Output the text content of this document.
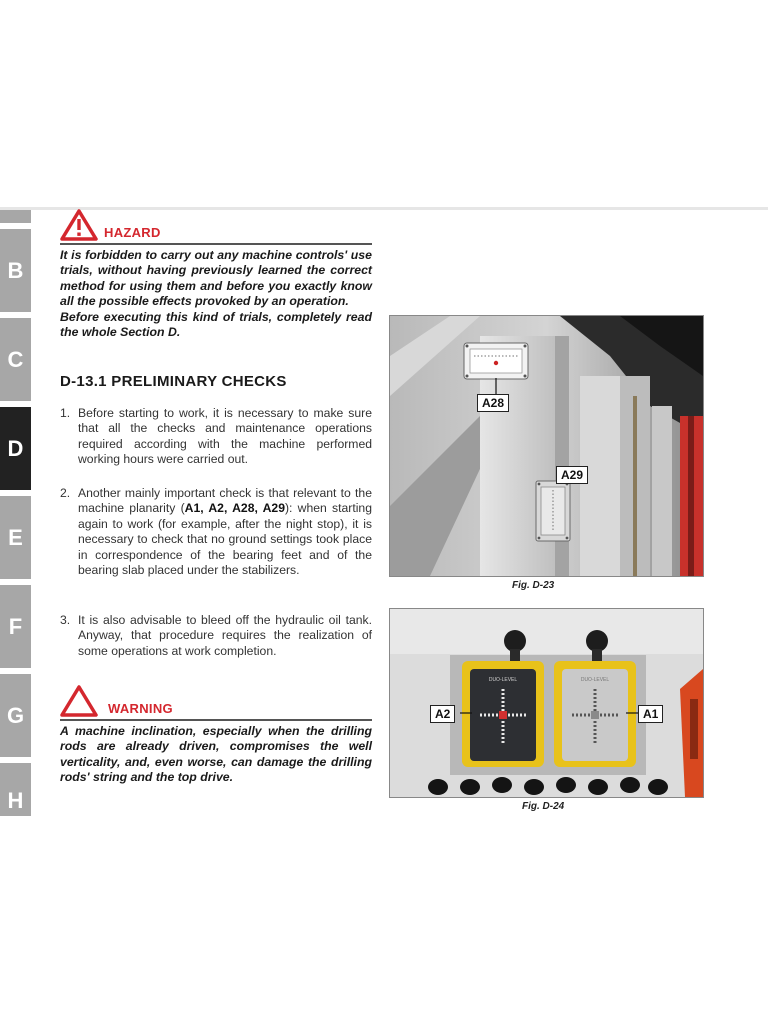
B
C
D
E
F
G
H
HAZARD

It is forbidden to carry out any machine controls' use trials, without having previously learned the correct method for using them and before you exactly know all the possible effects provoked by an operation.

Before executing this kind of trials, completely read the whole Section D.

D-13.1 PRELIMINARY CHECKS
1. Before starting to work, it is necessary to make sure that all the checks and maintenance operations required according with the machine performed working hours were carried out.
2. Another mainly important check is that relevant to the machine planarity (A1, A2, A28, A29): when starting again to work (for example, after the night stop), it is necessary to check that no ground settings took place in correspondence of the bearing feet and of the bearing slab placed under the stabilizers.
3. It is also advisable to bleed off the hydraulic oil tank. Anyway, that procedure requires the realization of some operations at work completion.
WARNING
A machine inclination, especially when the drilling rods are already driven, compromises the well verticality, and, even worse, can damage the drilling rods' string and the top drive.
A28
A29
Fig. D-23
DUO-LEVEL	DUO-LEVEL
A2	A1
Fig. D-24
